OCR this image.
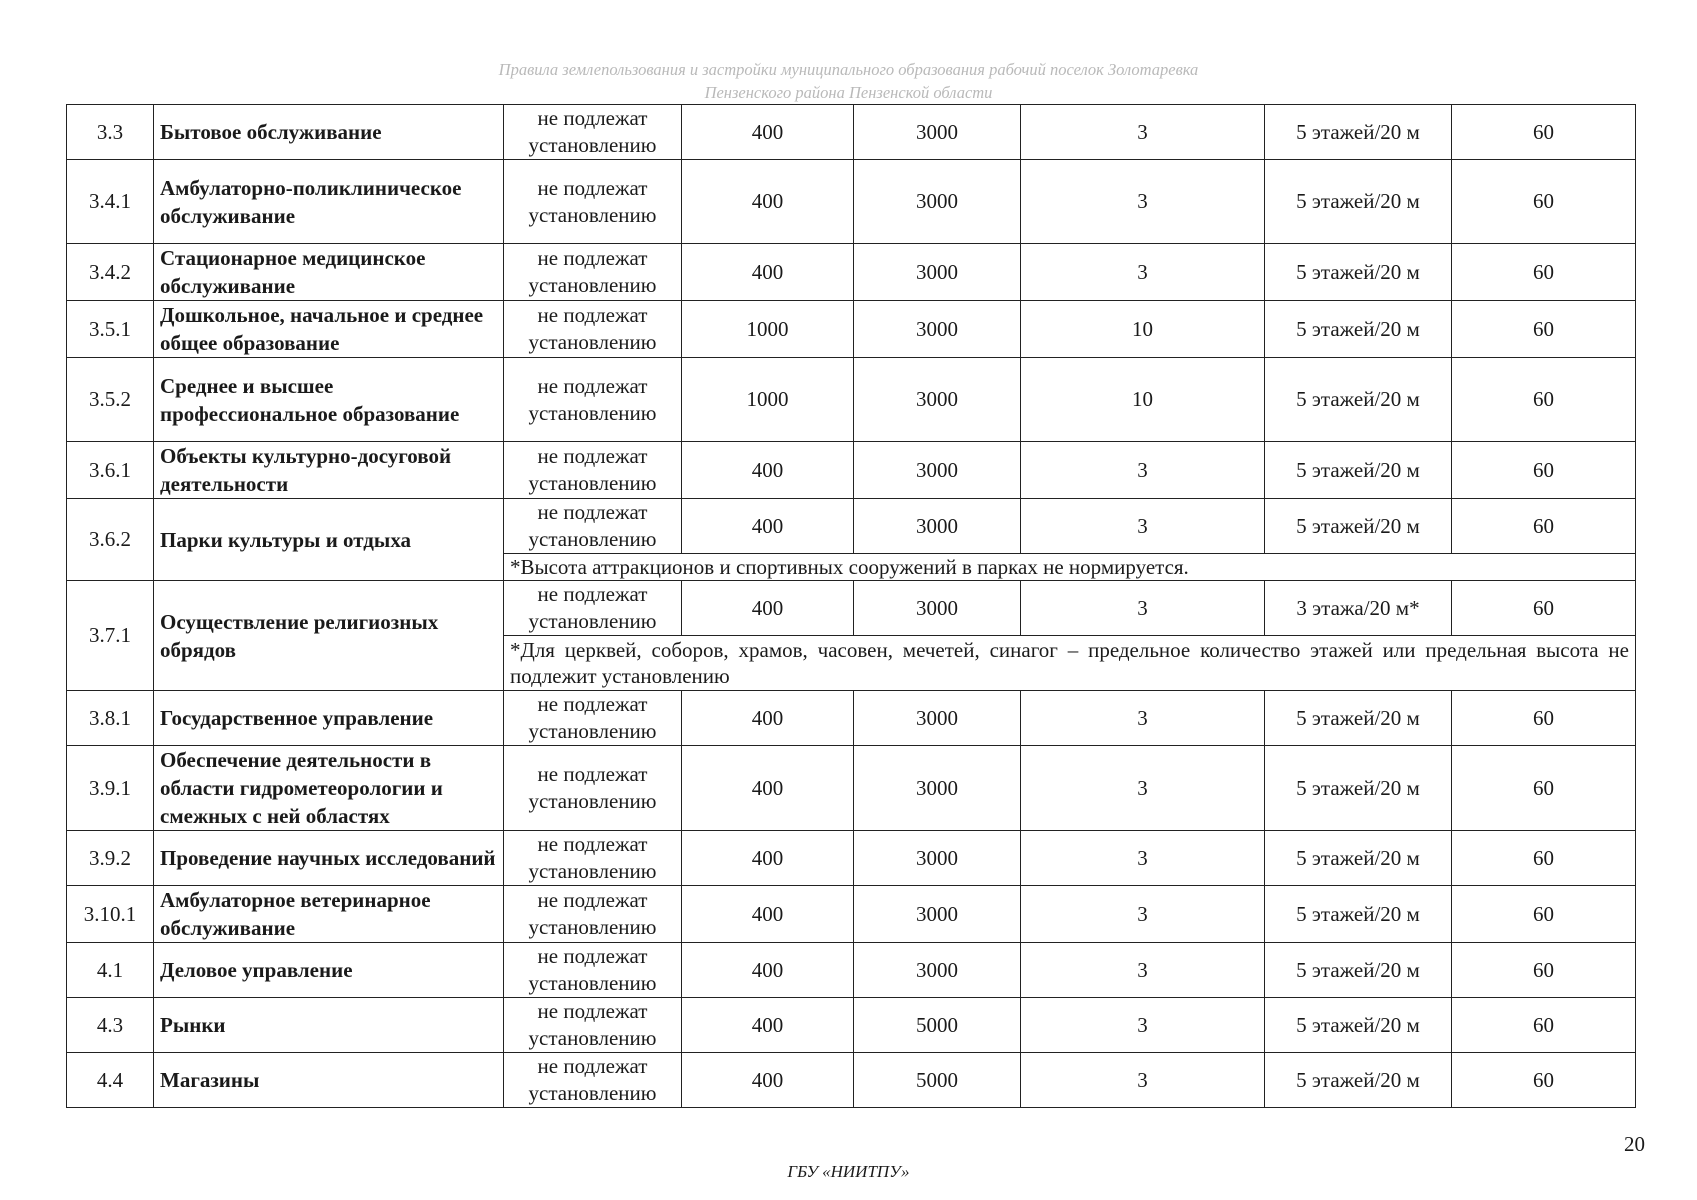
Правила землепользования и застройки муниципального образования рабочий поселок Золотаревка
Пензенского района Пензенской области
3.3	Бытовое обслуживание	не подлежат установлению	400	3000	3	5 этажей/20 м	60
3.4.1	Амбулаторно-поликлиническое обслуживание	не подлежат установлению	400	3000	3	5 этажей/20 м	60
3.4.2	Стационарное медицинское обслуживание	не подлежат установлению	400	3000	3	5 этажей/20 м	60
3.5.1	Дошкольное, начальное и среднее общее образование	не подлежат установлению	1000	3000	10	5 этажей/20 м	60
3.5.2	Среднее и высшее профессиональное образование	не подлежат установлению	1000	3000	10	5 этажей/20 м	60
3.6.1	Объекты культурно-досуговой деятельности	не подлежат установлению	400	3000	3	5 этажей/20 м	60
3.6.2	Парки культуры и отдыха	не подлежат установлению	400	3000	3	5 этажей/20 м	60
		*Высота аттракционов и спортивных сооружений в парках не нормируется.					
3.7.1	Осуществление религиозных обрядов	не подлежат установлению	400	3000	3	3 этажа/20 м*	60
		*Для церквей, соборов, храмов, часовен, мечетей, синагог – предельное количество этажей или предельная высота не подлежит установлению					
3.8.1	Государственное управление	не подлежат установлению	400	3000	3	5 этажей/20 м	60
3.9.1	Обеспечение деятельности в области гидрометеорологии и смежных с ней областях	не подлежат установлению	400	3000	3	5 этажей/20 м	60
3.9.2	Проведение научных исследований	не подлежат установлению	400	3000	3	5 этажей/20 м	60
3.10.1	Амбулаторное ветеринарное обслуживание	не подлежат установлению	400	3000	3	5 этажей/20 м	60
4.1	Деловое управление	не подлежат установлению	400	3000	3	5 этажей/20 м	60
4.3	Рынки	не подлежат установлению	400	5000	3	5 этажей/20 м	60
4.4	Магазины	не подлежат установлению	400	5000	3	5 этажей/20 м	60
20
ГБУ «НИИТПУ»
